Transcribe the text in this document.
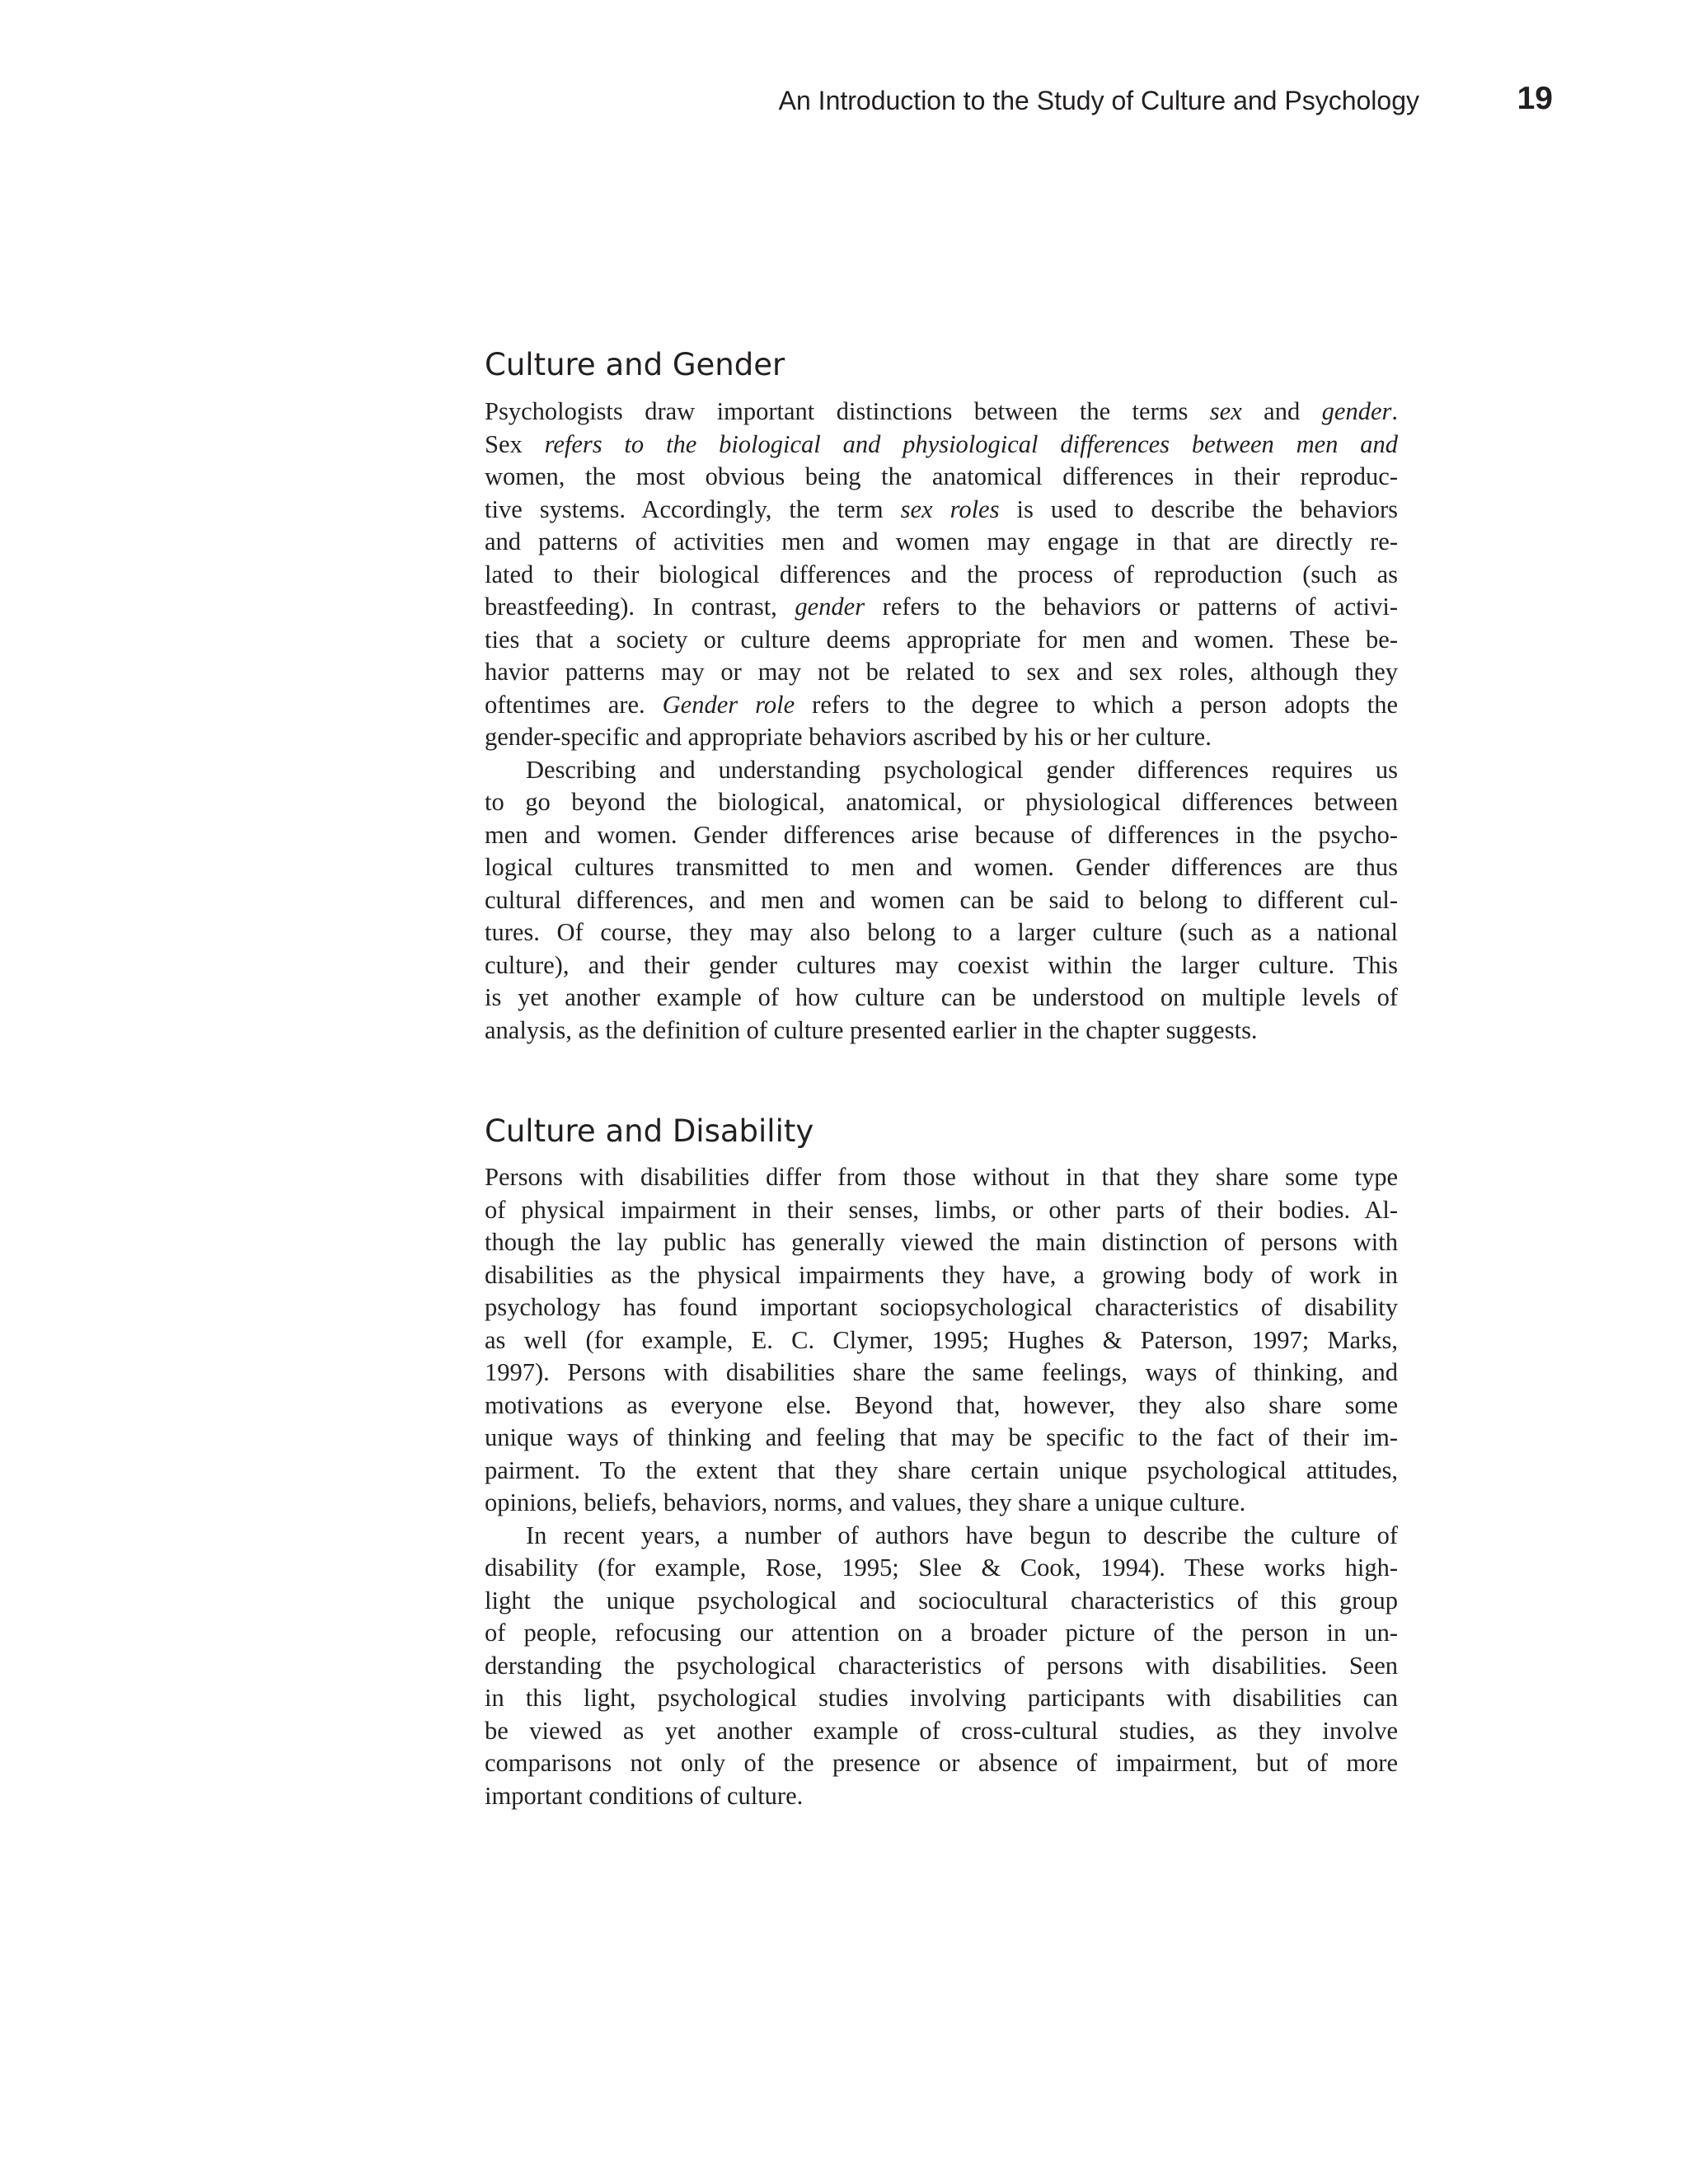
An Introduction to the Study of Culture and Psychology	19
Culture and Gender
Psychologists draw important distinctions between the terms sex and gender.
Sex refers to the biological and physiological differences between men and
women, the most obvious being the anatomical differences in their reproduc-
tive systems. Accordingly, the term sex roles is used to describe the behaviors
and patterns of activities men and women may engage in that are directly re-
lated to their biological differences and the process of reproduction (such as
breastfeeding). In contrast, gender refers to the behaviors or patterns of activi-
ties that a society or culture deems appropriate for men and women. These be-
havior patterns may or may not be related to sex and sex roles, although they
oftentimes are. Gender role refers to the degree to which a person adopts the
gender-specific and appropriate behaviors ascribed by his or her culture.
Describing and understanding psychological gender differences requires us
to go beyond the biological, anatomical, or physiological differences between
men and women. Gender differences arise because of differences in the psycho-
logical cultures transmitted to men and women. Gender differences are thus
cultural differences, and men and women can be said to belong to different cul-
tures. Of course, they may also belong to a larger culture (such as a national
culture), and their gender cultures may coexist within the larger culture. This
is yet another example of how culture can be understood on multiple levels of
analysis, as the definition of culture presented earlier in the chapter suggests.
Culture and Disability
Persons with disabilities differ from those without in that they share some type
of physical impairment in their senses, limbs, or other parts of their bodies. Al-
though the lay public has generally viewed the main distinction of persons with
disabilities as the physical impairments they have, a growing body of work in
psychology has found important sociopsychological characteristics of disability
as well (for example, E. C. Clymer, 1995; Hughes & Paterson, 1997; Marks,
1997). Persons with disabilities share the same feelings, ways of thinking, and
motivations as everyone else. Beyond that, however, they also share some
unique ways of thinking and feeling that may be specific to the fact of their im-
pairment. To the extent that they share certain unique psychological attitudes,
opinions, beliefs, behaviors, norms, and values, they share a unique culture.
In recent years, a number of authors have begun to describe the culture of
disability (for example, Rose, 1995; Slee & Cook, 1994). These works high-
light the unique psychological and sociocultural characteristics of this group
of people, refocusing our attention on a broader picture of the person in un-
derstanding the psychological characteristics of persons with disabilities. Seen
in this light, psychological studies involving participants with disabilities can
be viewed as yet another example of cross-cultural studies, as they involve
comparisons not only of the presence or absence of impairment, but of more
important conditions of culture.
